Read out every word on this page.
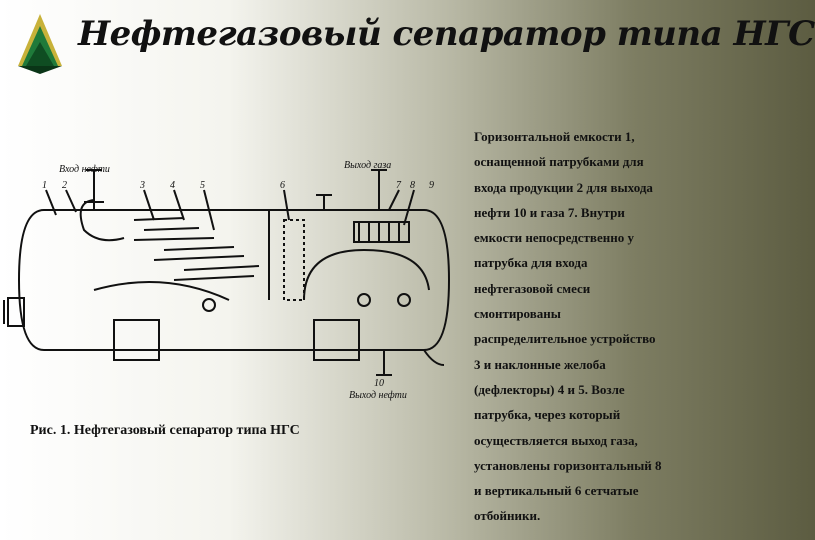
Нефтегазовый сепаратор типа НГС
Вход нефти	Выход газа
Выход нефти
1 2	3	4	5	6	7 8 9
10
Рис. 1. Нефтегазовый сепаратор типа НГС
Горизонтальной емкости 1,
оснащенной патрубками для
входа продукции 2 для выхода
нефти 10 и газа 7. Внутри
емкости непосредственно у
патрубка для входа
нефтегазовой смеси
смонтированы
распределительное устройство
3 и наклонные желоба
(дефлекторы) 4 и 5. Возле
патрубка, через который
осуществляется выход газа,
установлены горизонтальный 8
и вертикальный 6 сетчатые
отбойники.
